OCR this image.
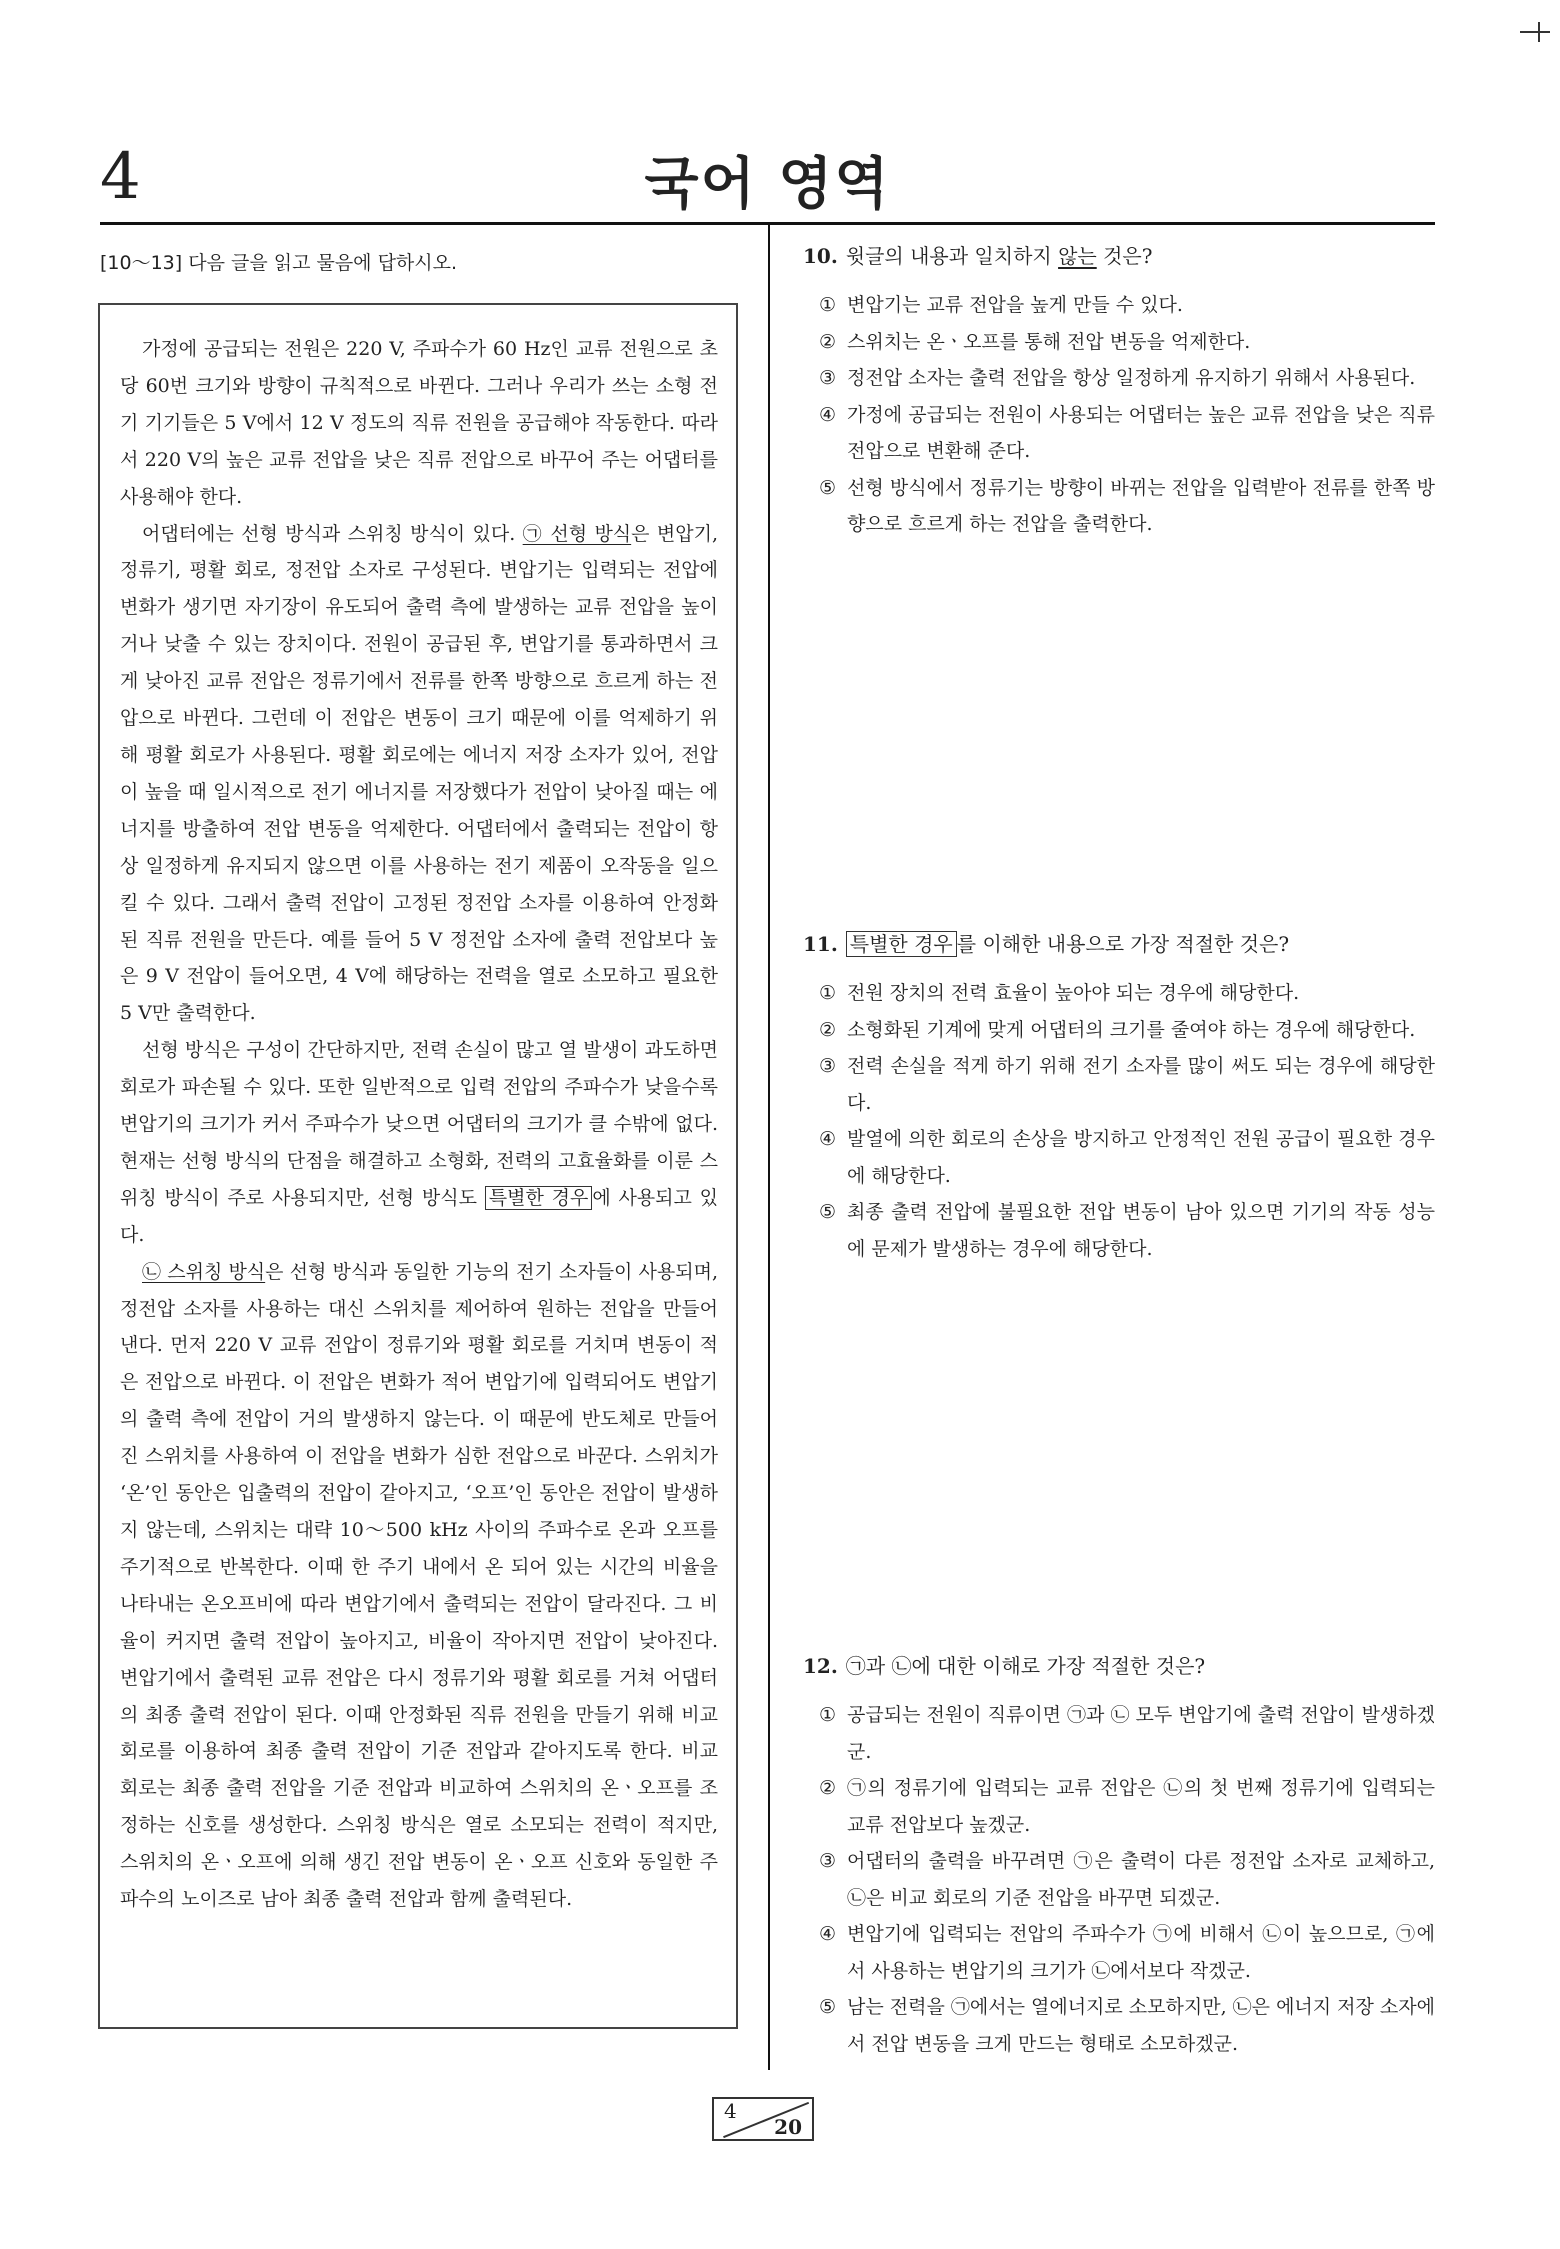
4	국어 영역
[10～13] 다음 글을 읽고 물음에 답하시오.

가정에 공급되는 전원은 220 V, 주파수가 60 Hz인 교류 전원으로 초당 60번 크기와 방향이 규칙적으로 바뀐다. 그러나 우리가 쓰는 소형 전기 기기들은 5 V에서 12 V 정도의 직류 전원을 공급해야 작동한다. 따라서 220 V의 높은 교류 전압을 낮은 직류 전압으로 바꾸어 주는 어댑터를 사용해야 한다.

어댑터에는 선형 방식과 스위칭 방식이 있다. ㉠ 선형 방식은 변압기, 정류기, 평활 회로, 정전압 소자로 구성된다. 변압기는 입력되는 전압에 변화가 생기면 자기장이 유도되어 출력 측에 발생하는 교류 전압을 높이거나 낮출 수 있는 장치이다. 전원이 공급된 후, 변압기를 통과하면서 크게 낮아진 교류 전압은 정류기에서 전류를 한쪽 방향으로 흐르게 하는 전압으로 바뀐다. 그런데 이 전압은 변동이 크기 때문에 이를 억제하기 위해 평활 회로가 사용된다. 평활 회로에는 에너지 저장 소자가 있어, 전압이 높을 때 일시적으로 전기 에너지를 저장했다가 전압이 낮아질 때는 에너지를 방출하여 전압 변동을 억제한다. 어댑터에서 출력되는 전압이 항상 일정하게 유지되지 않으면 이를 사용하는 전기 제품이 오작동을 일으킬 수 있다. 그래서 출력 전압이 고정된 정전압 소자를 이용하여 안정화된 직류 전원을 만든다. 예를 들어 5 V 정전압 소자에 출력 전압보다 높은 9 V 전압이 들어오면, 4 V에 해당하는 전력을 열로 소모하고 필요한 5 V만 출력한다.

선형 방식은 구성이 간단하지만, 전력 손실이 많고 열 발생이 과도하면 회로가 파손될 수 있다. 또한 일반적으로 입력 전압의 주파수가 낮을수록 변압기의 크기가 커서 주파수가 낮으면 어댑터의 크기가 클 수밖에 없다. 현재는 선형 방식의 단점을 해결하고 소형화, 전력의 고효율화를 이룬 스위칭 방식이 주로 사용되지만, 선형 방식도 특별한 경우 에 사용되고 있다.

㉡ 스위칭 방식은 선형 방식과 동일한 기능의 전기 소자들이 사용되며, 정전압 소자를 사용하는 대신 스위치를 제어하여 원하는 전압을 만들어 낸다. 먼저 220 V 교류 전압이 정류기와 평활 회로를 거치며 변동이 적은 전압으로 바뀐다. 이 전압은 변화가 적어 변압기에 입력되어도 변압기의 출력 측에 전압이 거의 발생하지 않는다. 이 때문에 반도체로 만들어진 스위치를 사용하여 이 전압을 변화가 심한 전압으로 바꾼다. 스위치가 ‘온’인 동안은 입출력의 전압이 같아지고, ‘오프’인 동안은 전압이 발생하지 않는데, 스위치는 대략 10～500 kHz 사이의 주파수로 온과 오프를 주기적으로 반복한다. 이때 한 주기 내에서 온 되어 있는 시간의 비율을 나타내는 온오프비에 따라 변압기에서 출력되는 전압이 달라진다. 그 비율이 커지면 출력 전압이 높아지고, 비율이 작아지면 전압이 낮아진다. 변압기에서 출력된 교류 전압은 다시 정류기와 평활 회로를 거쳐 어댑터의 최종 출력 전압이 된다. 이때 안정화된 직류 전원을 만들기 위해 비교 회로를 이용하여 최종 출력 전압이 기준 전압과 같아지도록 한다. 비교 회로는 최종 출력 전압을 기준 전압과 비교하여 스위치의 온ㆍ오프를 조정하는 신호를 생성한다. 스위칭 방식은 열로 소모되는 전력이 적지만, 스위치의 온ㆍ오프에 의해 생긴 전압 변동이 온ㆍ오프 신호와 동일한 주파수의 노이즈로 남아 최종 출력 전압과 함께 출력된다.

10. 윗글의 내용과 일치하지 않는 것은?
① 변압기는 교류 전압을 높게 만들 수 있다.
② 스위치는 온ㆍ오프를 통해 전압 변동을 억제한다.
③ 정전압 소자는 출력 전압을 항상 일정하게 유지하기 위해서 사용된다.
④ 가정에 공급되는 전원이 사용되는 어댑터는 높은 교류 전압을 낮은 직류 전압으로 변환해 준다.
⑤ 선형 방식에서 정류기는 방향이 바뀌는 전압을 입력받아 전류를 한쪽 방향으로 흐르게 하는 전압을 출력한다.
11. 특별한 경우 를 이해한 내용으로 가장 적절한 것은?
① 전원 장치의 전력 효율이 높아야 되는 경우에 해당한다.
② 소형화된 기계에 맞게 어댑터의 크기를 줄여야 하는 경우에 해당한다.
③ 전력 손실을 적게 하기 위해 전기 소자를 많이 써도 되는 경우에 해당한다.
④ 발열에 의한 회로의 손상을 방지하고 안정적인 전원 공급이 필요한 경우에 해당한다.
⑤ 최종 출력 전압에 불필요한 전압 변동이 남아 있으면 기기의 작동 성능에 문제가 발생하는 경우에 해당한다.
12. ㉠과 ㉡에 대한 이해로 가장 적절한 것은?
① 공급되는 전원이 직류이면 ㉠과 ㉡ 모두 변압기에 출력 전압이 발생하겠군.
② ㉠의 정류기에 입력되는 교류 전압은 ㉡의 첫 번째 정류기에 입력되는 교류 전압보다 높겠군.
③ 어댑터의 출력을 바꾸려면 ㉠은 출력이 다른 정전압 소자로 교체하고, ㉡은 비교 회로의 기준 전압을 바꾸면 되겠군.
④ 변압기에 입력되는 전압의 주파수가 ㉠에 비해서 ㉡이 높으므로, ㉠에서 사용하는 변압기의 크기가 ㉡에서보다 작겠군.
⑤ 남는 전력을 ㉠에서는 열에너지로 소모하지만, ㉡은 에너지 저장 소자에서 전압 변동을 크게 만드는 형태로 소모하겠군.
4
20
